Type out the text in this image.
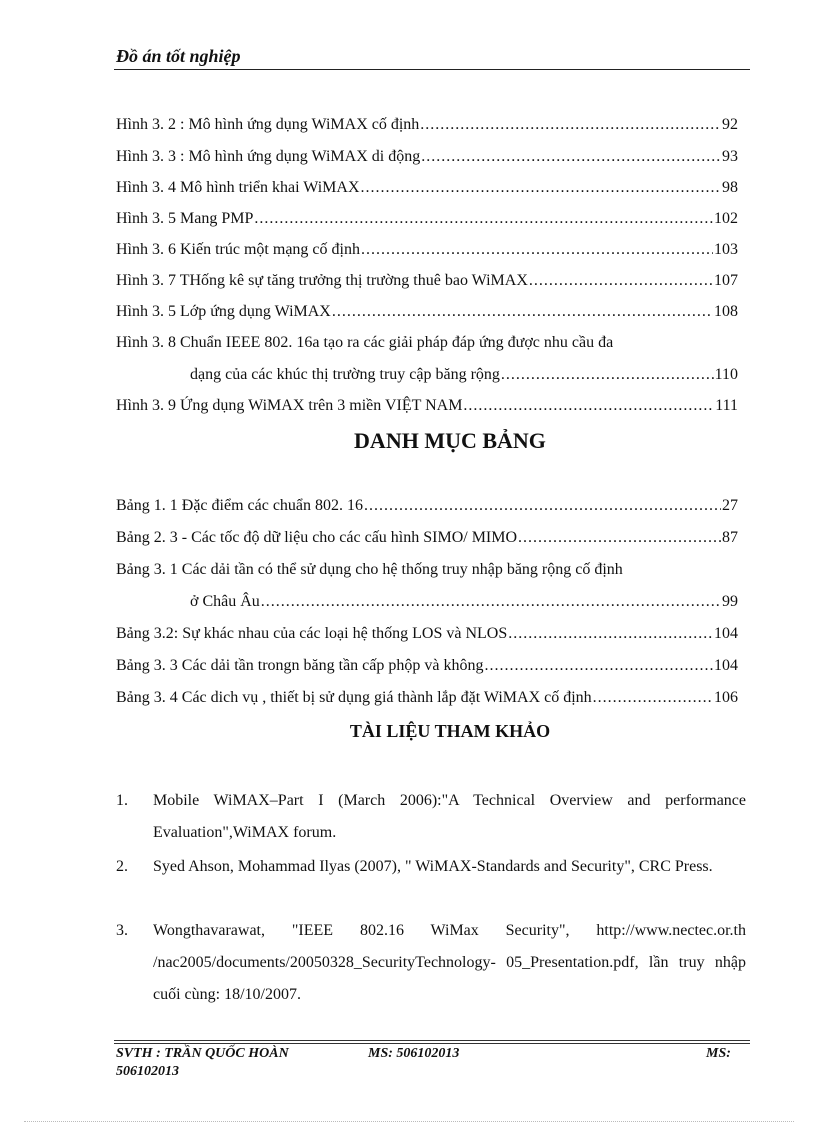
Đồ án tốt nghiệp
Hình 3. 2 : Mô hình ứng dụng WiMAX cố định .....	92
Hình 3. 3 : Mô hình ứng dụng WiMAX di động .....	93
Hình 3. 4 Mô hình triển khai WiMAX .....	98
Hình 3. 5 Mang PMP .....	102
Hình 3. 6 Kiến trúc một mạng cố định .....	103
Hình 3. 7 THống kê sự tăng trưởng thị trường thuê bao WiMAX .....	107
Hình 3. 5 Lớp ứng dụng WiMAX .....	108
Hình 3. 8 Chuẩn IEEE 802. 16a tạo ra các giải pháp đáp ứng được nhu cầu đa
dạng của các khúc thị trường truy cập băng rộng .....	110
Hình 3. 9 Ứng dụng WiMAX trên 3 miền VIỆT NAM .....	111
DANH MỤC BẢNG
Bảng 1. 1 Đặc điểm các chuẩn 802. 16 .....	27
Bảng 2. 3 - Các tốc độ dữ liệu cho các cấu hình SIMO/ MIMO .....	87
Bảng 3. 1 Các dải tần có thể sử dụng cho hệ thống truy nhập băng rộng cố định
ở Châu Âu .....	99
Bảng 3.2: Sự khác nhau của các loại hệ thống LOS và NLOS .....	104
Bảng 3. 3 Các dải tần trongn băng tần cấp phộp và không .....	104
Bảng 3. 4 Các dich vụ , thiết bị sử dụng giá thành lắp đặt WiMAX cố định .....	106
TÀI LIỆU THAM KHẢO
1. Mobile WiMAX–Part I (March 2006):"A Technical Overview and performance Evaluation",WiMAX forum.
2. Syed Ahson, Mohammad Ilyas (2007), " WiMAX-Standards and Security", CRC Press.
3. Wongthavarawat, "IEEE 802.16 WiMax Security", http://www.nectec.or.th /nac2005/documents/20050328_SecurityTechnology- 05_Presentation.pdf, lần truy nhập cuối cùng: 18/10/2007.
SVTH : TRẦN QUỐC HOÀN	MS: 506102013	MS:
506102013
